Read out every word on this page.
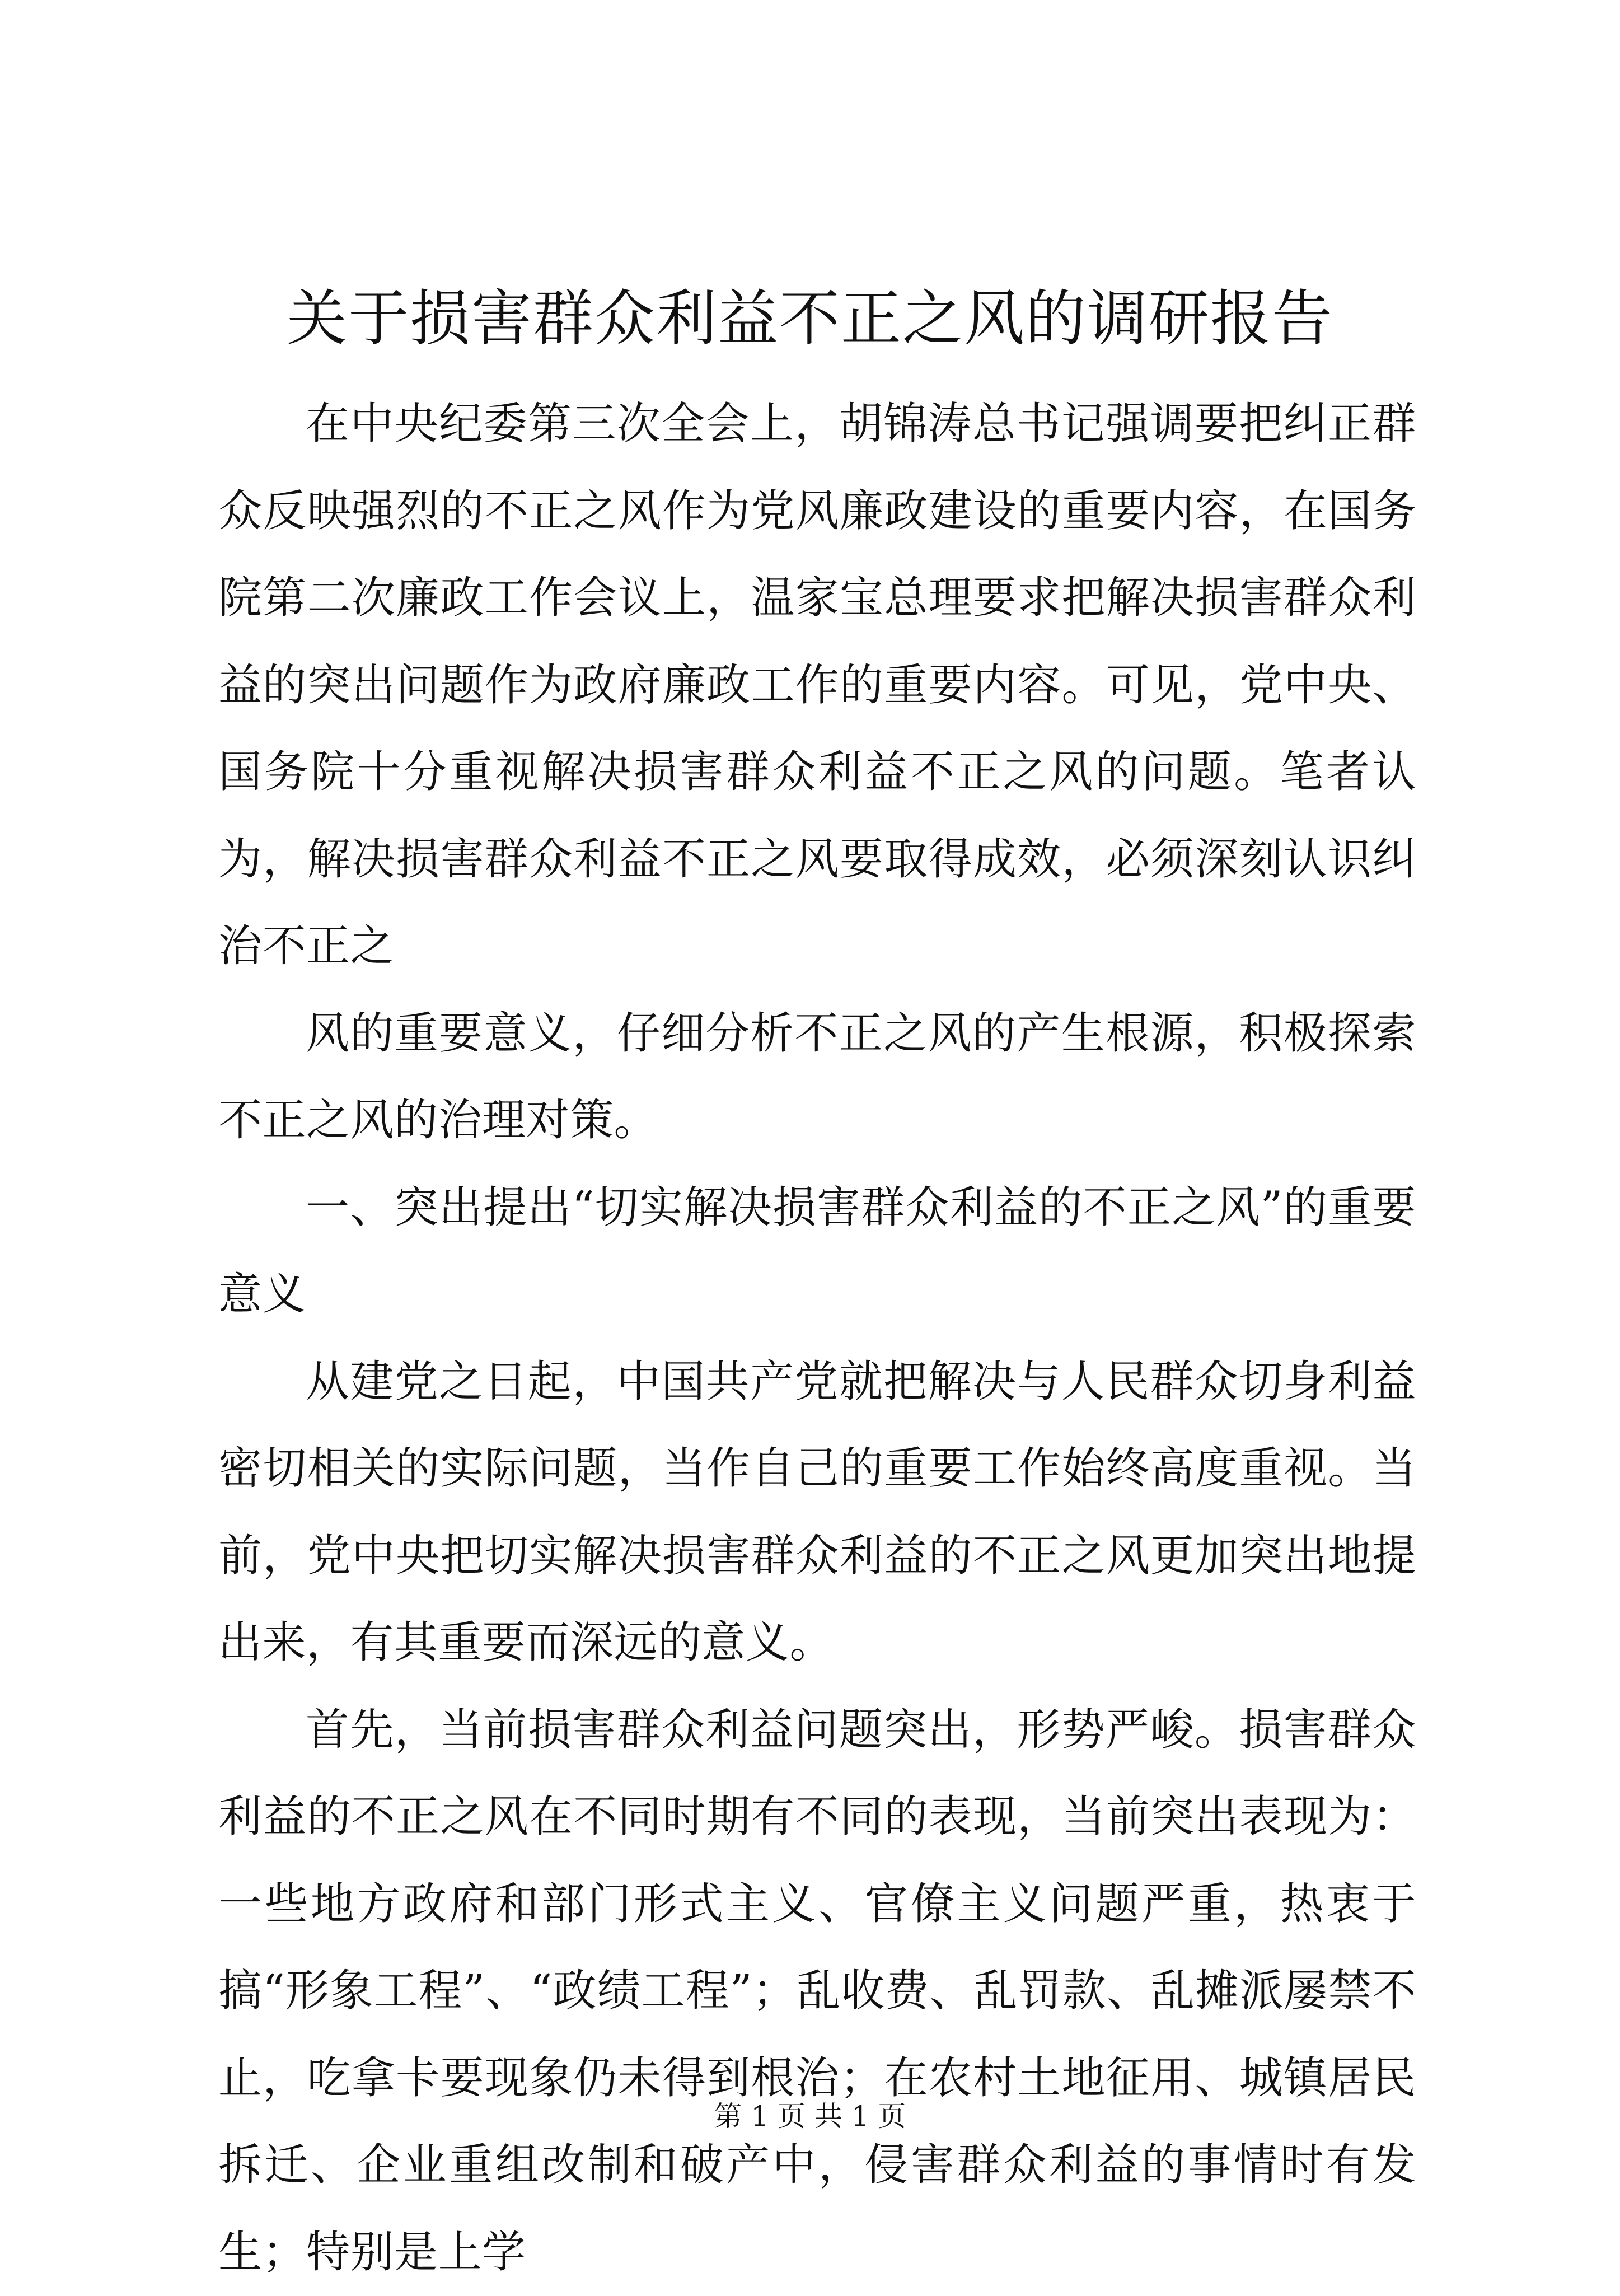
关于损害群众利益不正之风的调研报告

在中央纪委第三次全会上，胡锦涛总书记强调要把纠正群众反映强烈的不正之风作为党风廉政建设的重要内容，在国务院第二次廉政工作会议上，温家宝总理要求把解决损害群众利益的突出问题作为政府廉政工作的重要内容。可见，党中央、国务院十分重视解决损害群众利益不正之风的问题。笔者认为，解决损害群众利益不正之风要取得成效，必须深刻认识纠治不正之

风的重要意义，仔细分析不正之风的产生根源，积极探索不正之风的治理对策。

一、突出提出“切实解决损害群众利益的不正之风”的重要意义

从建党之日起，中国共产党就把解决与人民群众切身利益密切相关的实际问题，当作自己的重要工作始终高度重视。当前，党中央把切实解决损害群众利益的不正之风更加突出地提出来，有其重要而深远的意义。

首先，当前损害群众利益问题突出，形势严峻。损害群众利益的不正之风在不同时期有不同的表现，当前突出表现为：一些地方政府和部门形式主义、官僚主义问题严重，热衷于搞“形象工程”、“政绩工程”；乱收费、乱罚款、乱摊派屡禁不止，吃拿卡要现象仍未得到根治；在农村土地征用、城镇居民拆迁、企业重组改制和破产中，侵害群众利益的事情时有发生；特别是上学

第 1 页 共 1 页
